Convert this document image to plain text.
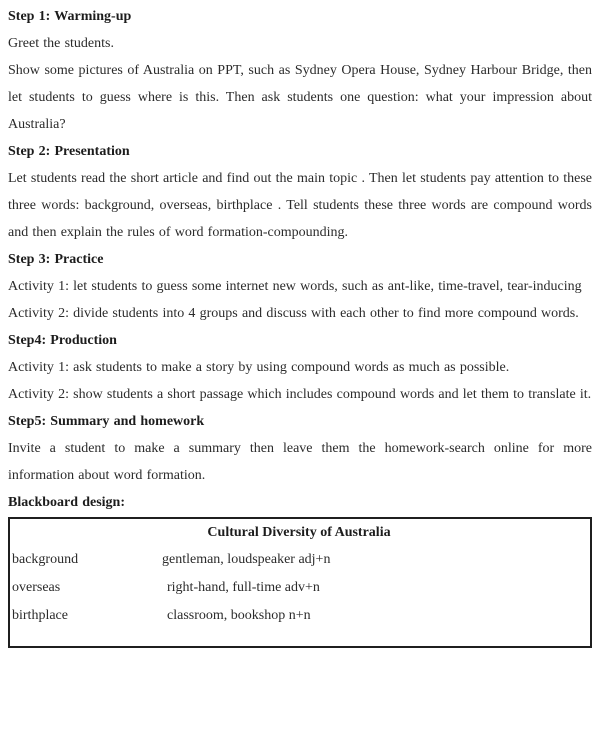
Step 1: Warming-up

Greet the students.

Show some pictures of Australia on PPT, such as Sydney Opera House, Sydney Harbour Bridge, then let students to guess where is this. Then ask students one question: what your impression about Australia?

Step 2: Presentation

Let students read the short article and find out the main topic . Then let students pay attention to these three words: background, overseas, birthplace . Tell students these three words are compound words and then explain the rules of word formation-compounding.

Step 3: Practice

Activity 1: let students to guess some internet new words, such as ant-like, time-travel, tear-inducing

Activity 2: divide students into 4 groups and discuss with each other to find more compound words.

Step4: Production

Activity 1: ask students to make a story by using compound words as much as possible.

Activity 2: show students a short passage which includes compound words and let them to translate it.

Step5: Summary and homework

Invite a student to make a summary then leave them the homework-search online for more information about word formation.

Blackboard design:

Cultural Diversity of Australia
background	gentleman, loudspeaker adj+n
overseas	right-hand, full-time adv+n
birthplace	classroom, bookshop n+n
